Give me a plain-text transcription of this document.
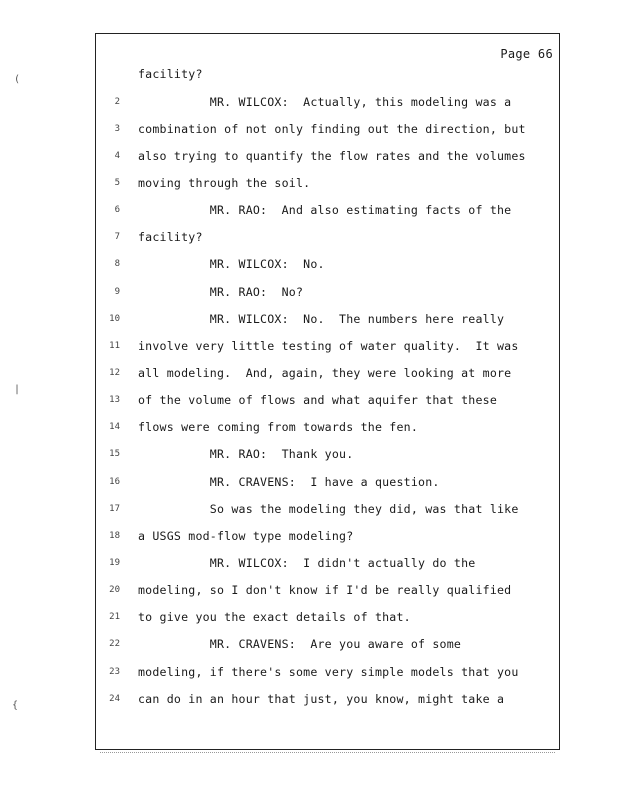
Page 66
facility?
2 MR. WILCOX:  Actually, this modeling was a
3 combination of not only finding out the direction, but
4 also trying to quantify the flow rates and the volumes
5 moving through the soil.
6 MR. RAO:  And also estimating facts of the
7 facility?
8 MR. WILCOX:  No.
9 MR. RAO:  No?
10 MR. WILCOX:  No.  The numbers here really
11 involve very little testing of water quality.  It was
12 all modeling.  And, again, they were looking at more
13 of the volume of flows and what aquifer that these
14 flows were coming from towards the fen.
15 MR. RAO:  Thank you.
16 MR. CRAVENS:  I have a question.
17 So was the modeling they did, was that like
18 a USGS mod-flow type modeling?
19 MR. WILCOX:  I didn't actually do the
20 modeling, so I don't know if I'd be really qualified
21 to give you the exact details of that.
22 MR. CRAVENS:  Are you aware of some
23 modeling, if there's some very simple models that you
24 can do in an hour that just, you know, might take a
(
|
{
